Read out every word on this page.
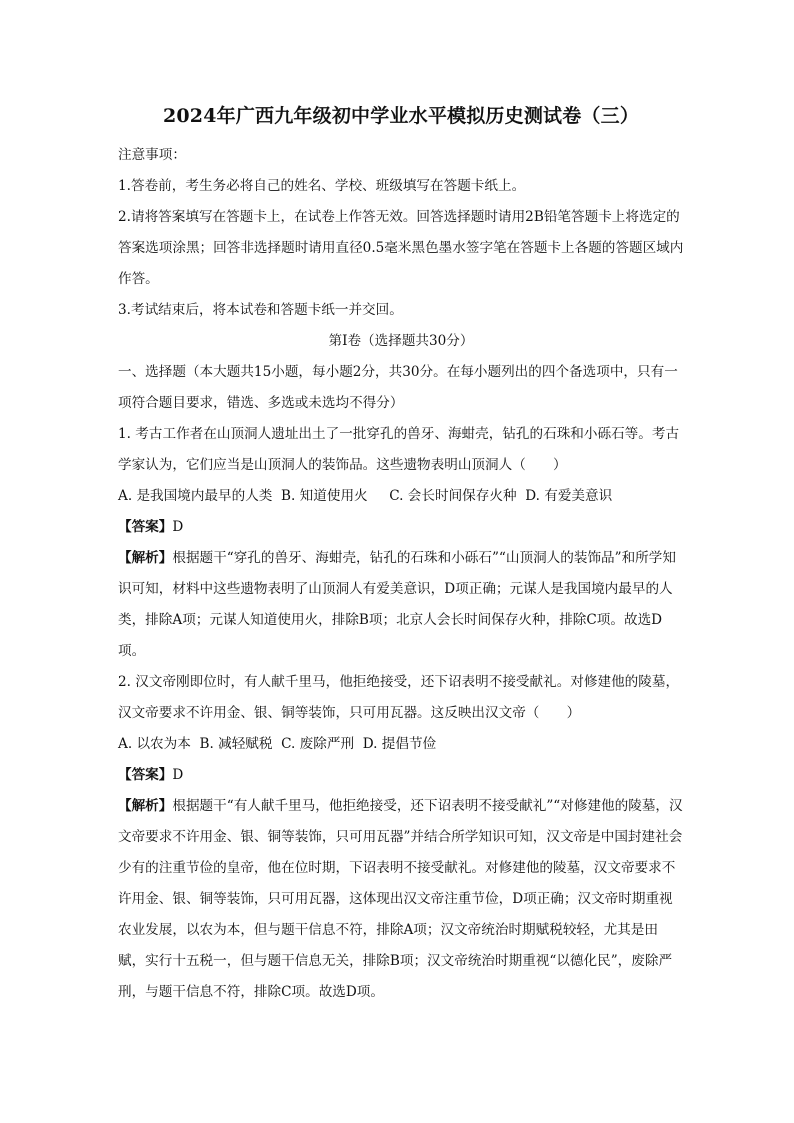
2024年广西九年级初中学业水平模拟历史测试卷（三）

注意事项：

1.答卷前，考生务必将自己的姓名、学校、班级填写在答题卡纸上。

2.请将答案填写在答题卡上，在试卷上作答无效。回答选择题时请用2B铅笔答题卡上将选定的答案选项涂黑；回答非选择题时请用直径0.5毫米黑色墨水签字笔在答题卡上各题的答题区域内作答。

3.考试结束后，将本试卷和答题卡纸一并交回。

第Ⅰ卷（选择题共30分）

一、选择题（本大题共15小题，每小题2分，共30分。在每小题列出的四个备选项中，只有一项符合题目要求，错选、多选或未选均不得分）

1. 考古工作者在山顶洞人遗址出土了一批穿孔的兽牙、海蚶壳，钻孔的石珠和小砾石等。考古学家认为，它们应当是山顶洞人的装饰品。这些遗物表明山顶洞人（　　）

A. 是我国境内最早的人类  B. 知道使用火     C. 会长时间保存火种  D. 有爱美意识

【答案】D

【解析】根据题干“穿孔的兽牙、海蚶壳，钻孔的石珠和小砾石”“山顶洞人的装饰品”和所学知识可知，材料中这些遗物表明了山顶洞人有爱美意识，D项正确；元谋人是我国境内最早的人类，排除A项；元谋人知道使用火，排除B项；北京人会长时间保存火种，排除C项。故选D项。

2. 汉文帝刚即位时，有人献千里马，他拒绝接受，还下诏表明不接受献礼。对修建他的陵墓，汉文帝要求不许用金、银、铜等装饰，只可用瓦器。这反映出汉文帝（　　）

A. 以农为本  B. 减轻赋税  C. 废除严刑  D. 提倡节俭

【答案】D

【解析】根据题干“有人献千里马，他拒绝接受，还下诏表明不接受献礼”“对修建他的陵墓，汉文帝要求不许用金、银、铜等装饰，只可用瓦器”并结合所学知识可知，汉文帝是中国封建社会少有的注重节俭的皇帝，他在位时期，下诏表明不接受献礼。对修建他的陵墓，汉文帝要求不许用金、银、铜等装饰，只可用瓦器，这体现出汉文帝注重节俭，D项正确；汉文帝时期重视农业发展，以农为本，但与题干信息不符，排除A项；汉文帝统治时期赋税较轻，尤其是田赋，实行十五税一，但与题干信息无关，排除B项；汉文帝统治时期重视“以德化民”，废除严刑，与题干信息不符，排除C项。故选D项。
